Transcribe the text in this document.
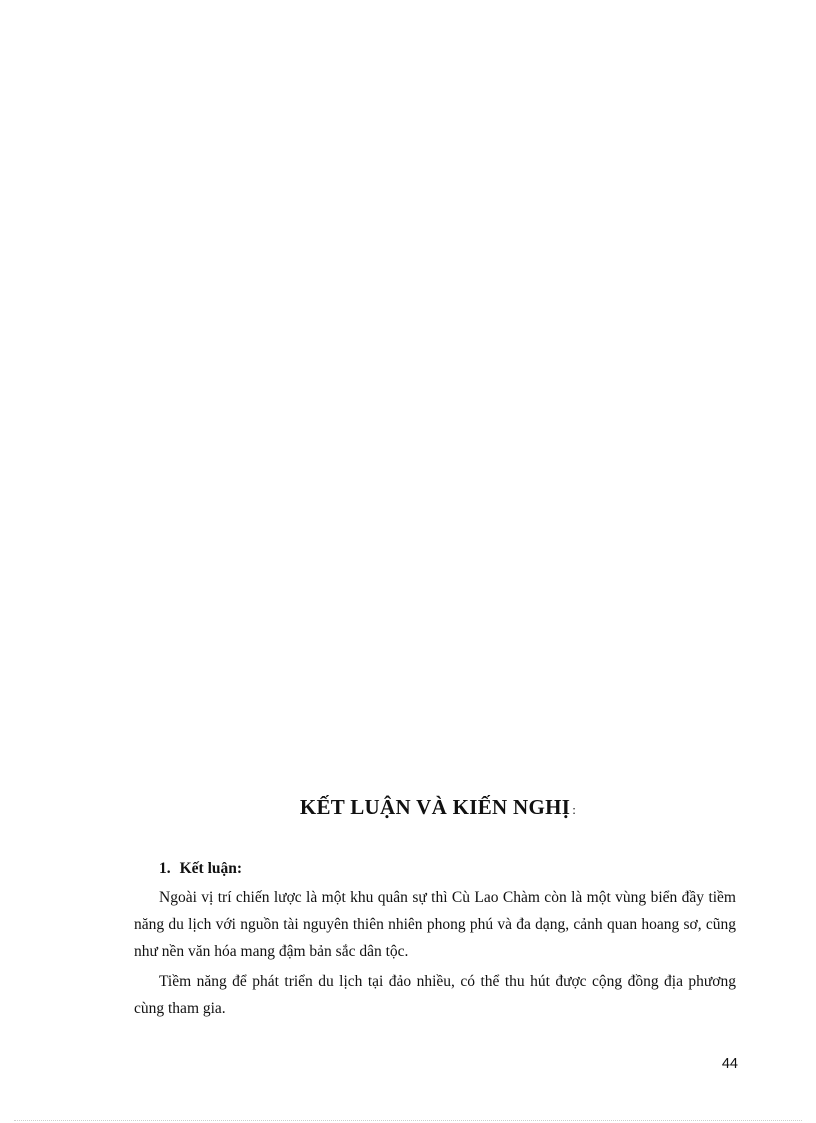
KẾT LUẬN VÀ KIẾN NGHỊ :
1. Kết luận:

Ngoài vị trí chiến lược là một khu quân sự thì Cù Lao Chàm còn là một vùng biển đầy tiềm năng du lịch với nguồn tài nguyên thiên nhiên phong phú và đa dạng, cảnh quan hoang sơ, cũng như nền văn hóa mang đậm bản sắc dân tộc.

Tiềm năng để phát triển du lịch tại đảo nhiều, có thể thu hút được cộng đồng địa phương cùng tham gia.

44
